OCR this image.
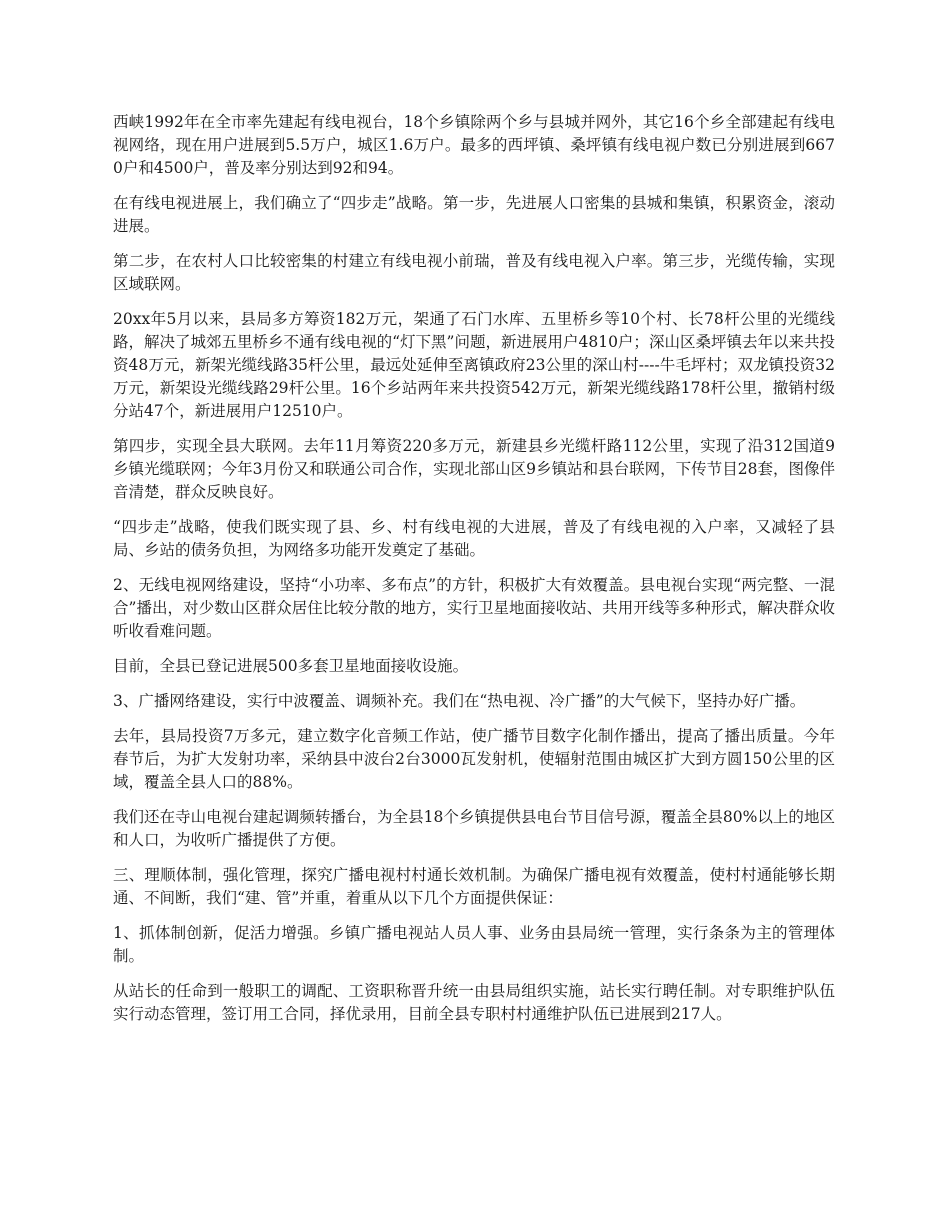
西峡1992年在全市率先建起有线电视台，18个乡镇除两个乡与县城并网外，其它16个乡全部建起有线电视网络，现在用户进展到5.5万户，城区1.6万户。最多的西坪镇、桑坪镇有线电视户数已分别进展到6670户和4500户，普及率分别达到92和94。

在有线电视进展上，我们确立了“四步走”战略。第一步，先进展人口密集的县城和集镇，积累资金，滚动进展。

第二步，在农村人口比较密集的村建立有线电视小前瑞，普及有线电视入户率。第三步，光缆传输，实现区域联网。

20xx年5月以来，县局多方筹资182万元，架通了石门水库、五里桥乡等10个村、长78杆公里的光缆线路，解决了城郊五里桥乡不通有线电视的“灯下黑”问题，新进展用户4810户；深山区桑坪镇去年以来共投资48万元，新架光缆线路35杆公里，最远处延伸至离镇政府23公里的深山村----牛毛坪村；双龙镇投资32万元，新架设光缆线路29杆公里。16个乡站两年来共投资542万元，新架光缆线路178杆公里，撤销村级分站47个，新进展用户12510户。

第四步，实现全县大联网。去年11月筹资220多万元，新建县乡光缆杆路112公里，实现了沿312国道9乡镇光缆联网；今年3月份又和联通公司合作，实现北部山区9乡镇站和县台联网，下传节目28套，图像伴音清楚，群众反映良好。

“四步走”战略，使我们既实现了县、乡、村有线电视的大进展，普及了有线电视的入户率，又减轻了县局、乡站的债务负担，为网络多功能开发奠定了基础。

2、无线电视网络建设，坚持“小功率、多布点”的方针，积极扩大有效覆盖。县电视台实现“两完整、一混合”播出，对少数山区群众居住比较分散的地方，实行卫星地面接收站、共用开线等多种形式，解决群众收听收看难问题。

目前，全县已登记进展500多套卫星地面接收设施。

3、广播网络建设，实行中波覆盖、调频补充。我们在“热电视、冷广播”的大气候下，坚持办好广播。

去年，县局投资7万多元，建立数字化音频工作站，使广播节目数字化制作播出，提高了播出质量。今年春节后，为扩大发射功率，采纳县中波台2台3000瓦发射机，使辐射范围由城区扩大到方圆150公里的区域，覆盖全县人口的88%。

我们还在寺山电视台建起调频转播台，为全县18个乡镇提供县电台节目信号源，覆盖全县80%以上的地区和人口，为收听广播提供了方便。

三、理顺体制，强化管理，探究广播电视村村通长效机制。为确保广播电视有效覆盖，使村村通能够长期通、不间断，我们“建、管”并重，着重从以下几个方面提供保证：

1、抓体制创新，促活力增强。乡镇广播电视站人员人事、业务由县局统一管理，实行条条为主的管理体制。

从站长的任命到一般职工的调配、工资职称晋升统一由县局组织实施，站长实行聘任制。对专职维护队伍实行动态管理，签订用工合同，择优录用，目前全县专职村村通维护队伍已进展到217人。
